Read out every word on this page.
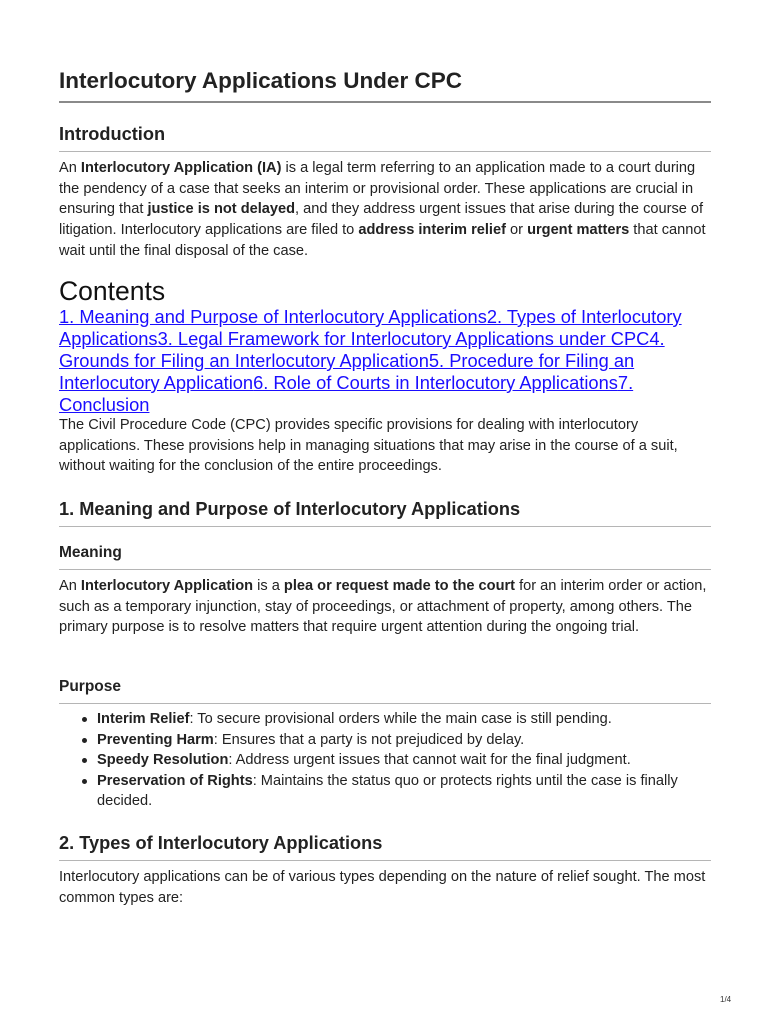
Interlocutory Applications Under CPC
Introduction

An Interlocutory Application (IA) is a legal term referring to an application made to a court during the pendency of a case that seeks an interim or provisional order. These applications are crucial in ensuring that justice is not delayed, and they address urgent issues that arise during the course of litigation. Interlocutory applications are filed to address interim relief or urgent matters that cannot wait until the final disposal of the case.

Contents

1. Meaning and Purpose of Interlocutory Applications2. Types of Interlocutory Applications3. Legal Framework for Interlocutory Applications under CPC4. Grounds for Filing an Interlocutory Application5. Procedure for Filing an Interlocutory Application6. Role of Courts in Interlocutory Applications7. Conclusion

The Civil Procedure Code (CPC) provides specific provisions for dealing with interlocutory applications. These provisions help in managing situations that may arise in the course of a suit, without waiting for the conclusion of the entire proceedings.

1. Meaning and Purpose of Interlocutory Applications
Meaning

An Interlocutory Application is a plea or request made to the court for an interim order or action, such as a temporary injunction, stay of proceedings, or attachment of property, among others. The primary purpose is to resolve matters that require urgent attention during the ongoing trial.

Purpose
Interim Relief: To secure provisional orders while the main case is still pending.
Preventing Harm: Ensures that a party is not prejudiced by delay.
Speedy Resolution: Address urgent issues that cannot wait for the final judgment.
Preservation of Rights: Maintains the status quo or protects rights until the case is finally decided.
2. Types of Interlocutory Applications

Interlocutory applications can be of various types depending on the nature of relief sought. The most common types are:

1/4
